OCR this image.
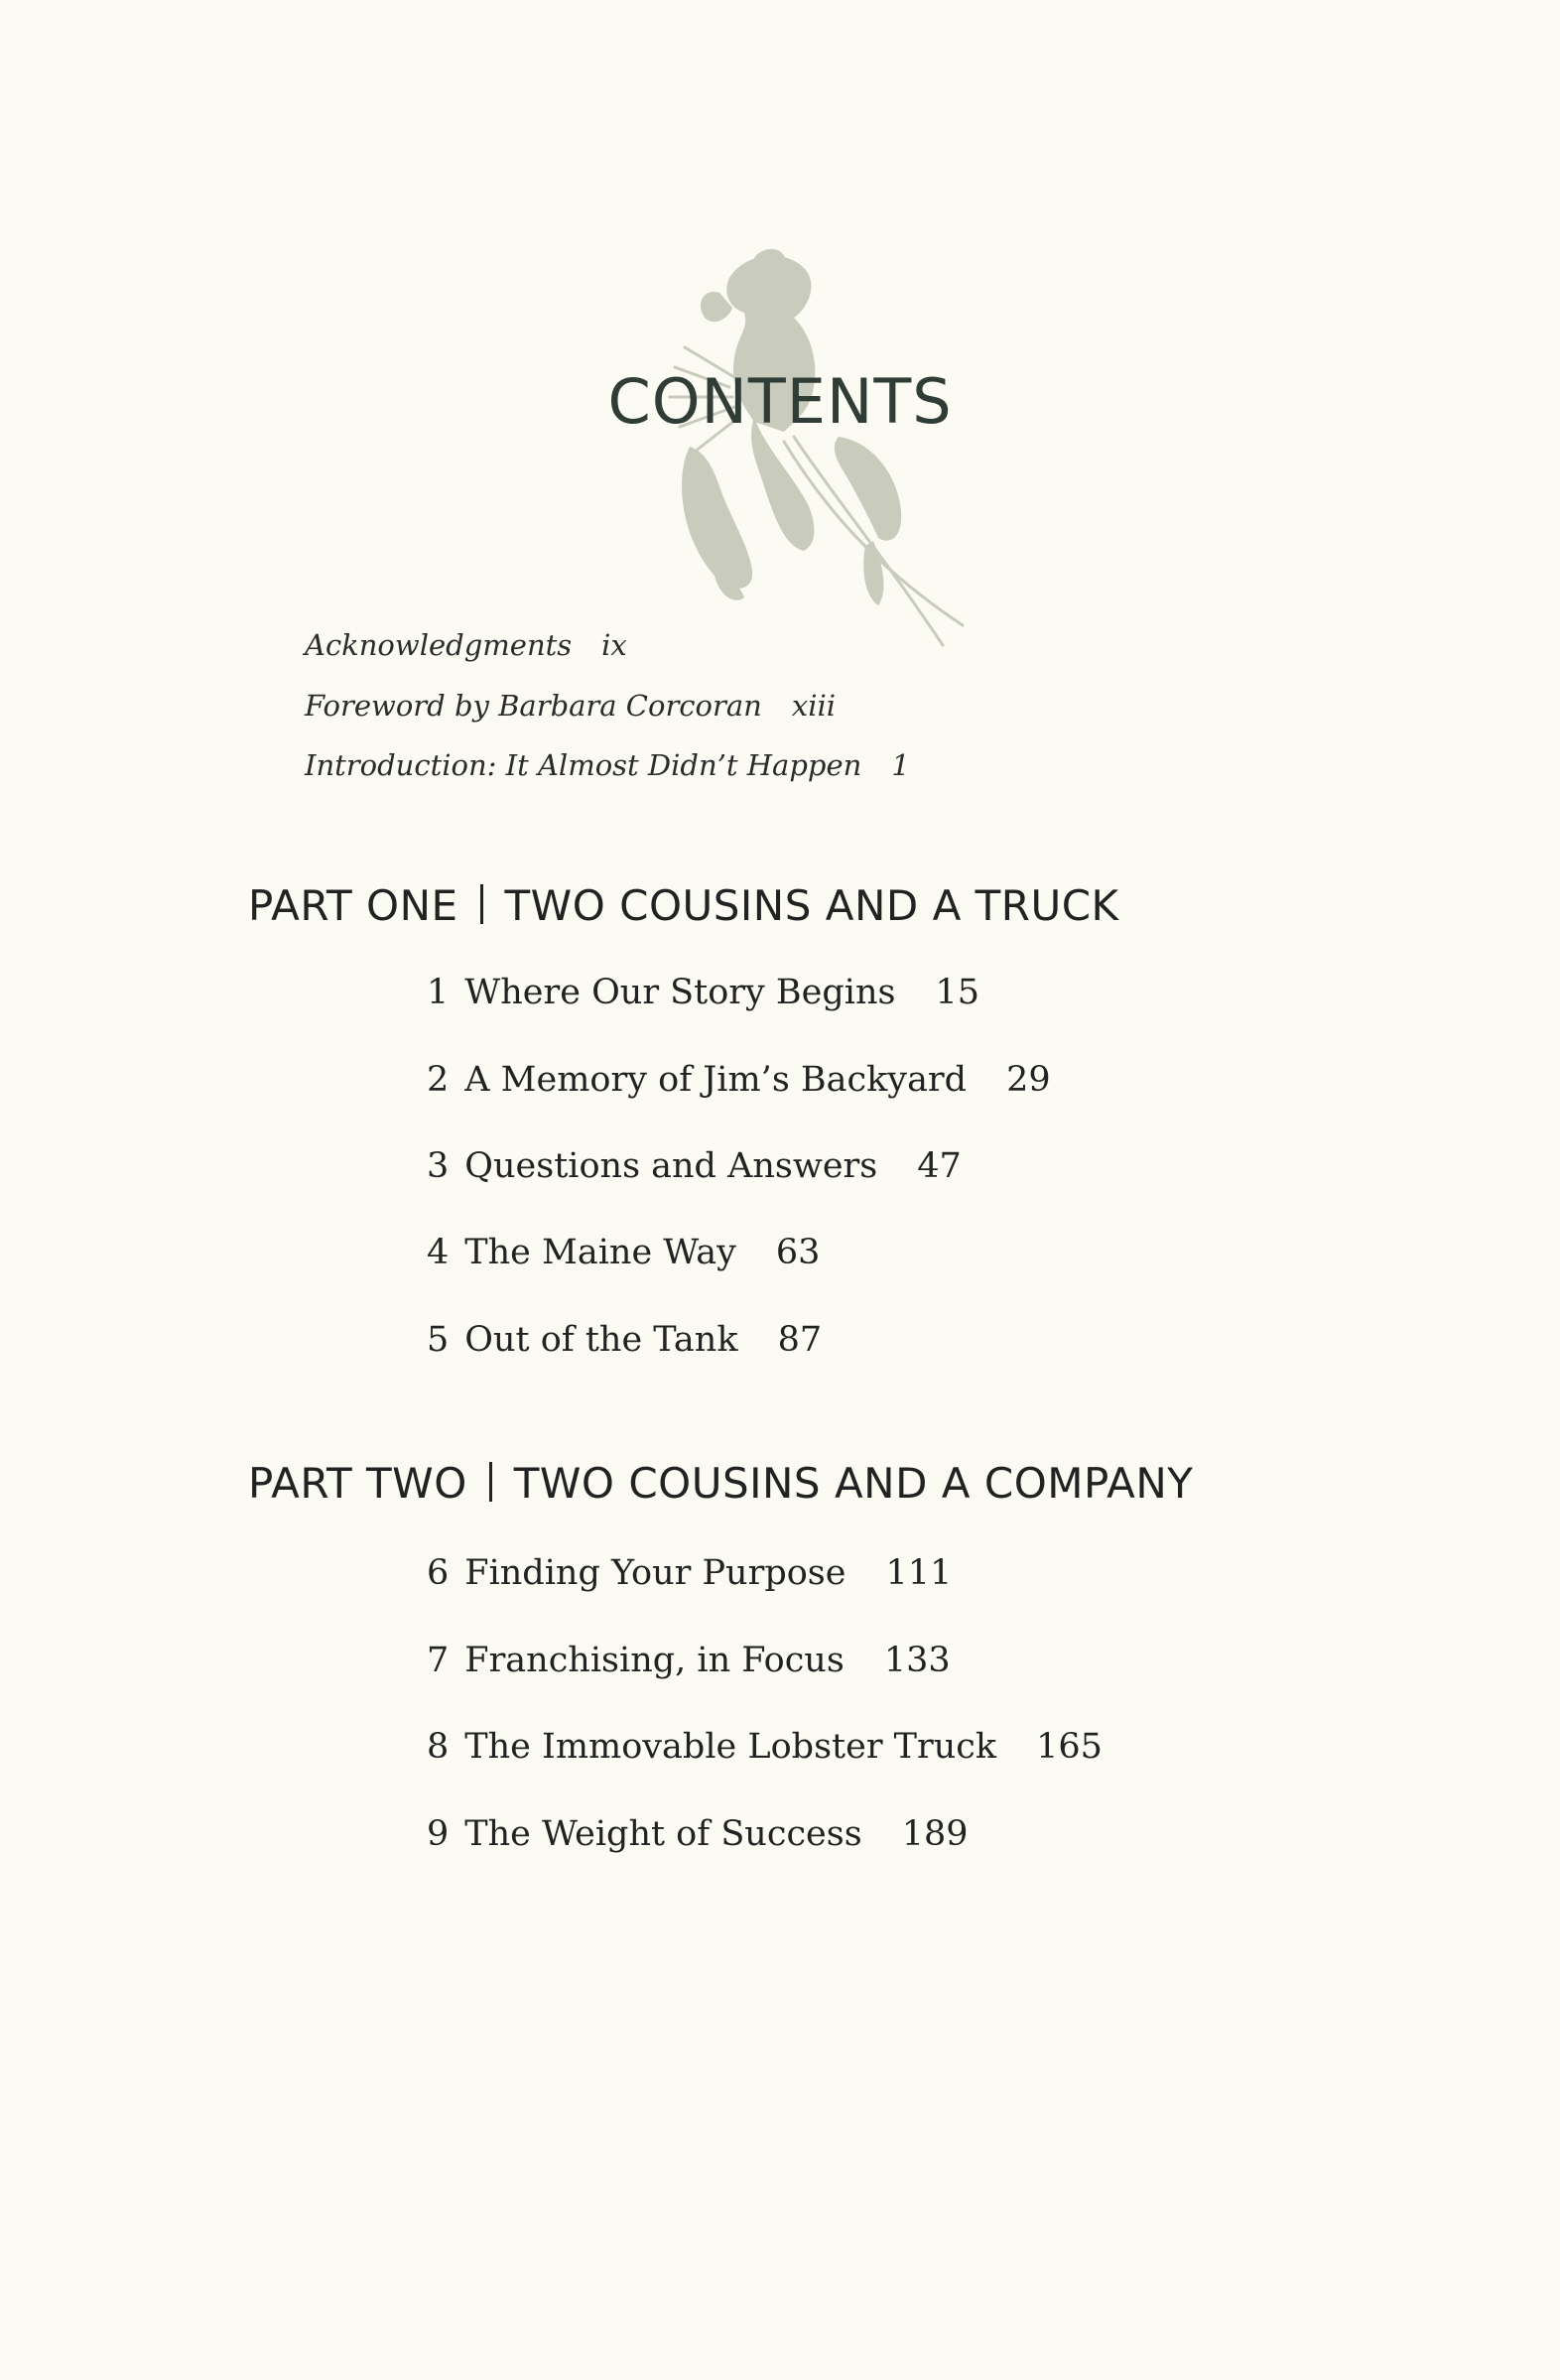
CONTENTS
Acknowledgments ix
Foreword by Barbara Corcoran xiii
Introduction: It Almost Didn’t Happen 1
PART ONE TWO COUSINS AND A TRUCK
1 Where Our Story Begins 15
2 A Memory of Jim’s Backyard 29
3 Questions and Answers 47
4 The Maine Way 63
5 Out of the Tank 87
PART TWO TWO COUSINS AND A COMPANY
6 Finding Your Purpose 111
7 Franchising, in Focus 133
8 The Immovable Lobster Truck 165
9 The Weight of Success 189
